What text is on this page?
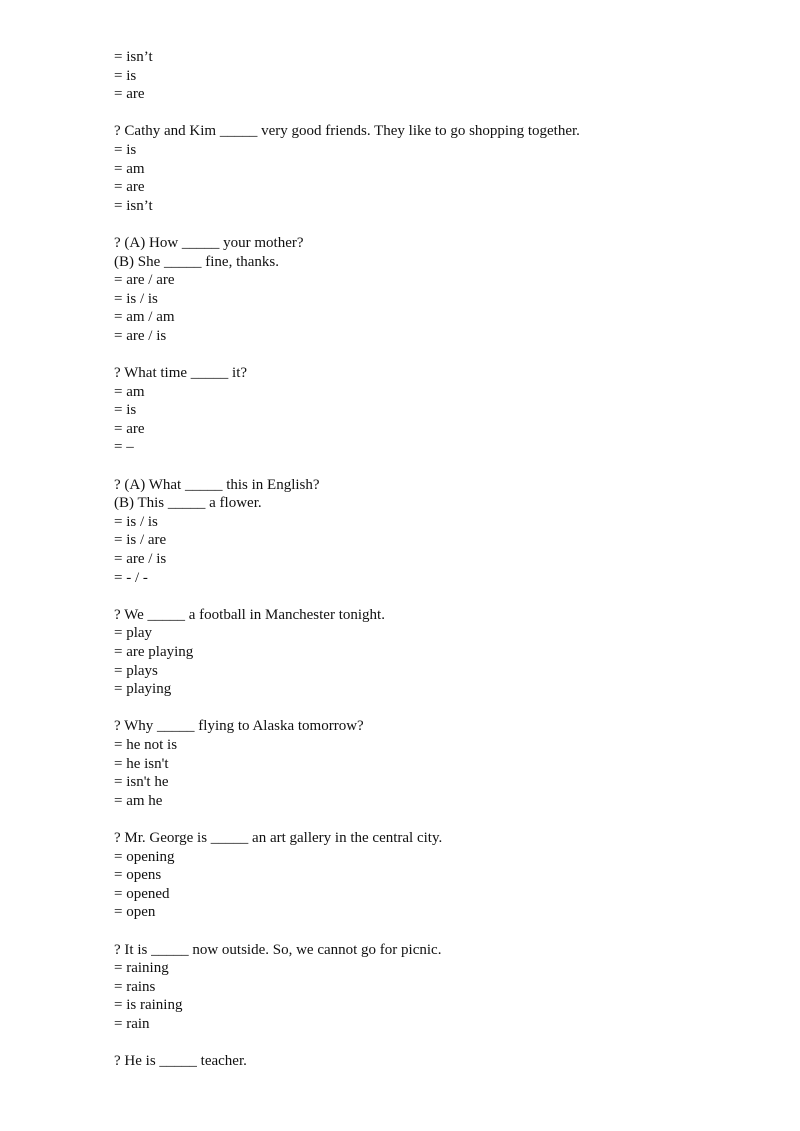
= isn’t
= is
= are
? Cathy and Kim _____ very good friends. They like to go shopping together.
= is
= am
= are
= isn’t
? (A) How _____ your mother?
(B) She _____ fine, thanks.
= are / are
= is / is
= am / am
= are / is
? What time _____ it?
= am
= is
= are
= –
? (A) What _____ this in English?
(B) This _____ a flower.
= is / is
= is / are
= are / is
= - / -
? We _____ a football in Manchester tonight.
= play
= are playing
= plays
= playing
? Why _____ flying to Alaska tomorrow?
= he not is
= he isn't
= isn't he
= am he
? Mr. George is _____ an art gallery in the central city.
= opening
= opens
= opened
= open
? It is _____ now outside. So, we cannot go for picnic.
= raining
= rains
= is raining
= rain
? He is _____ teacher.
